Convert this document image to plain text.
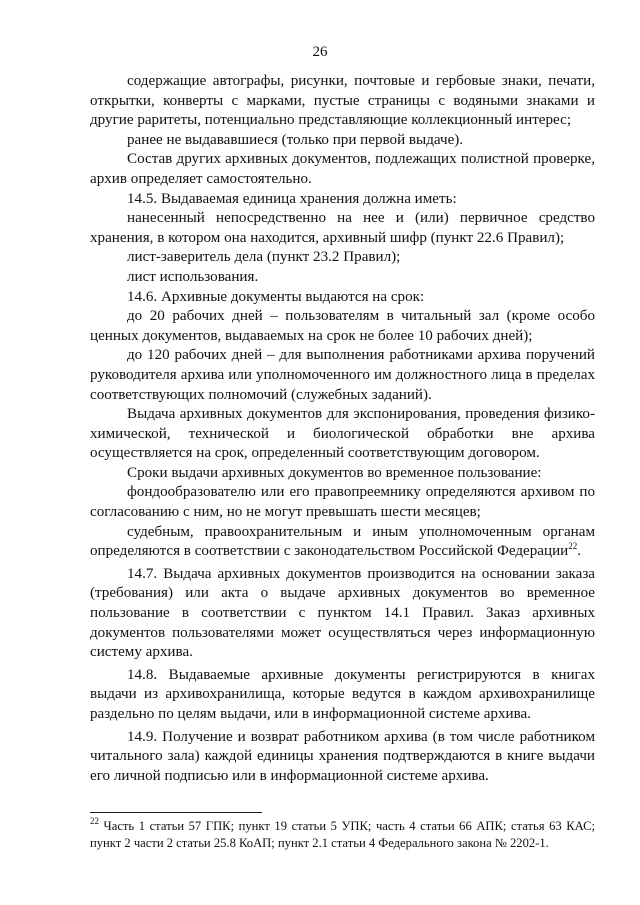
26

содержащие автографы, рисунки, почтовые и гербовые знаки, печати, открытки, конверты с марками, пустые страницы с водяными знаками и другие раритеты, потенциально представляющие коллекционный интерес;

ранее не выдававшиеся (только при первой выдаче).

Состав других архивных документов, подлежащих полистной проверке, архив определяет самостоятельно.

14.5. Выдаваемая единица хранения должна иметь:

нанесенный непосредственно на нее и (или) первичное средство хранения, в котором она находится, архивный шифр (пункт 22.6 Правил);

лист-заверитель дела (пункт 23.2 Правил);

лист использования.

14.6. Архивные документы выдаются на срок:

до 20 рабочих дней – пользователям в читальный зал (кроме особо ценных документов, выдаваемых на срок не более 10 рабочих дней);

до 120 рабочих дней – для выполнения работниками архива поручений руководителя архива или уполномоченного им должностного лица в пределах соответствующих полномочий (служебных заданий).

Выдача архивных документов для экспонирования, проведения физико-химической, технической и биологической обработки вне архива осуществляется на срок, определенный соответствующим договором.

Сроки выдачи архивных документов во временное пользование:

фондообразователю или его правопреемнику определяются архивом по согласованию с ним, но не могут превышать шести месяцев;

судебным, правоохранительным и иным уполномоченным органам определяются в соответствии с законодательством Российской Федерации$^{22}$.

14.7. Выдача архивных документов производится на основании заказа (требования) или акта о выдаче архивных документов во временное пользование в соответствии с пунктом 14.1 Правил. Заказ архивных документов пользователями может осуществляться через информационную систему архива.

14.8. Выдаваемые архивные документы регистрируются в книгах выдачи из архивохранилища, которые ведутся в каждом архивохранилище раздельно по целям выдачи, или в информационной системе архива.

14.9. Получение и возврат работником архива (в том числе работником читального зала) каждой единицы хранения подтверждаются в книге выдачи его личной подписью или в информационной системе архива.

$^{22}$ Часть 1 статьи 57 ГПК; пункт 19 статьи 5 УПК; часть 4 статьи 66 АПК; статья 63 КАС; пункт 2 части 2 статьи 25.8 КоАП; пункт 2.1 статьи 4 Федерального закона № 2202-1.
